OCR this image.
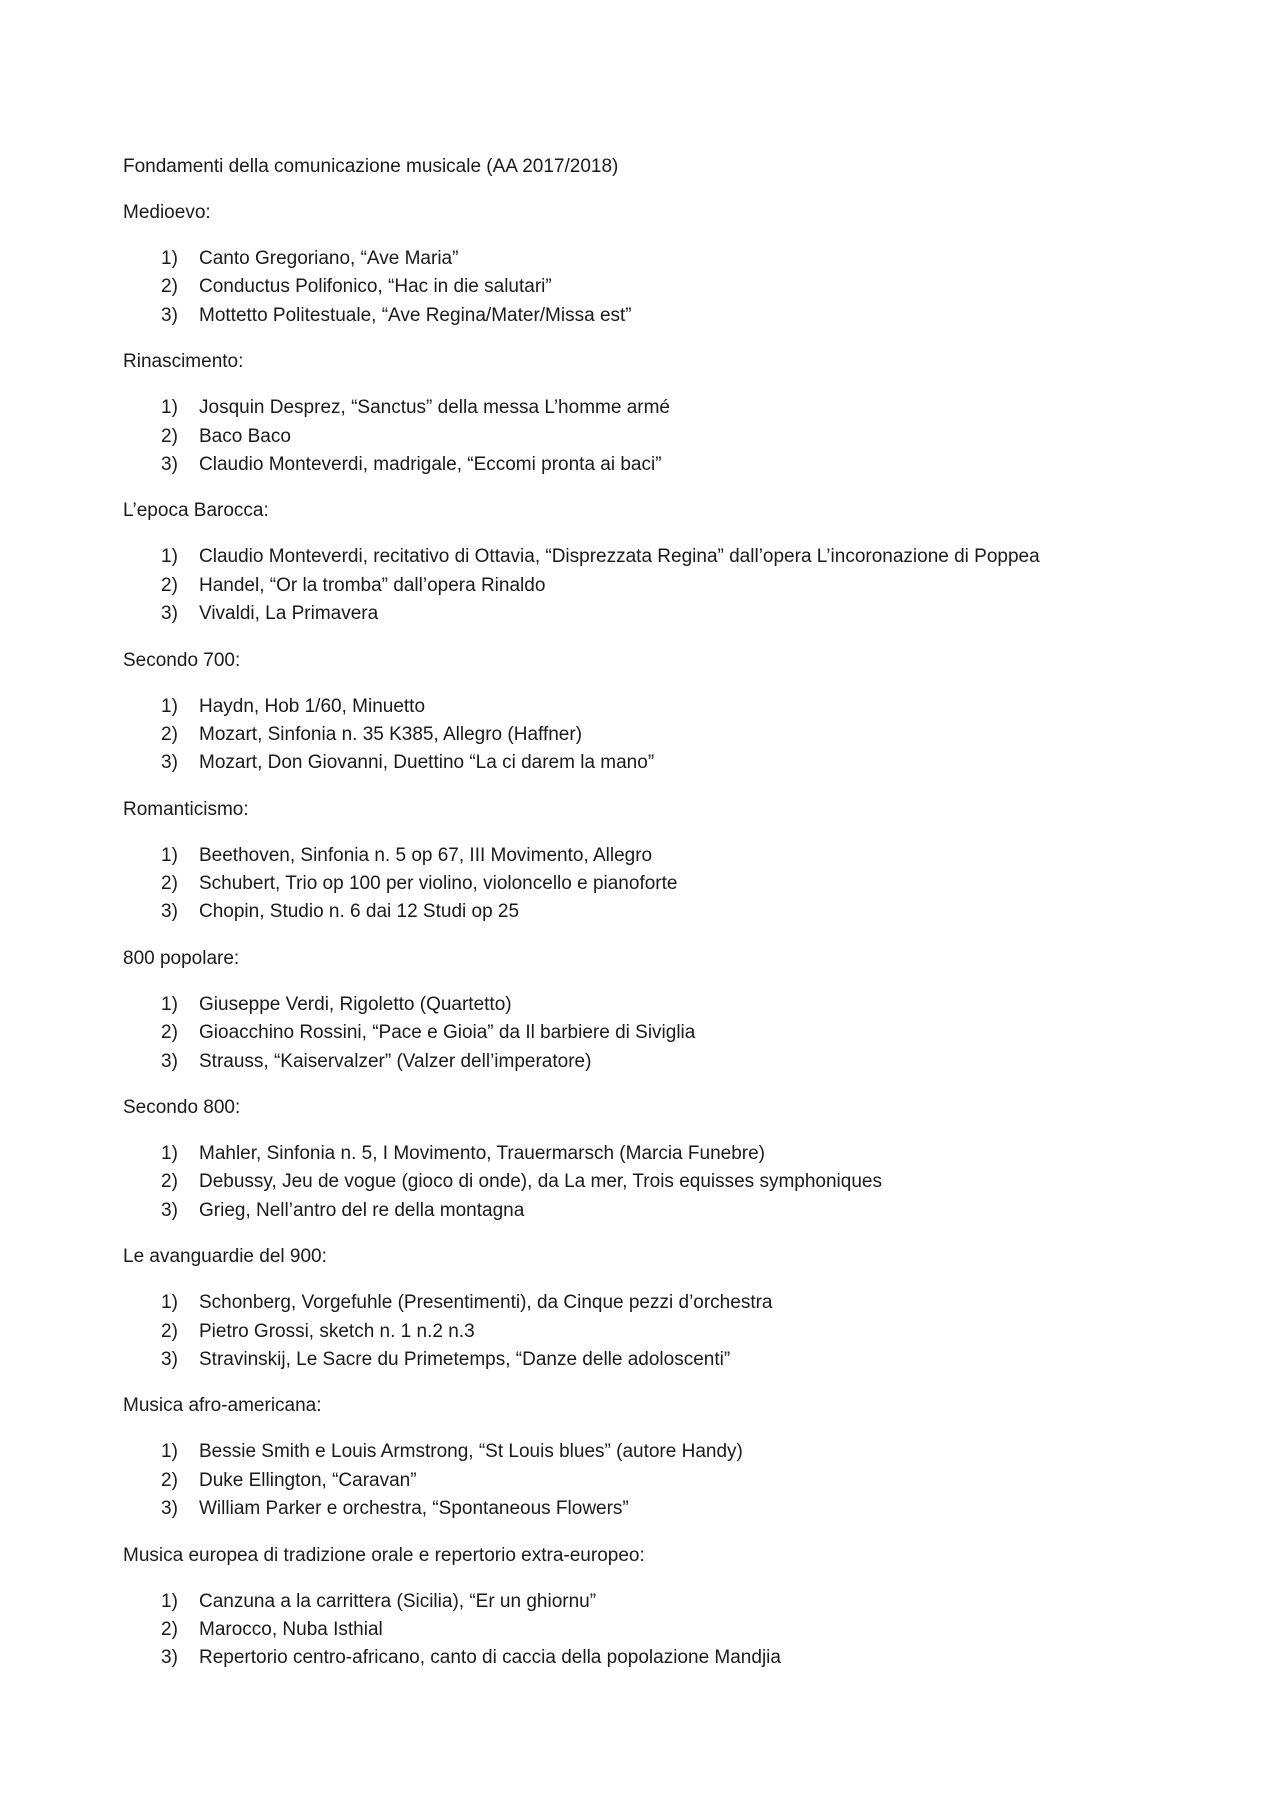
Fondamenti della comunicazione musicale (AA 2017/2018)
Medioevo:
1)	Canto Gregoriano, “Ave Maria”
2)	Conductus Polifonico, “Hac in die salutari”
3)	Mottetto Politestuale, “Ave Regina/Mater/Missa est”
Rinascimento:
1)	Josquin Desprez, “Sanctus” della messa L’homme armé
2)	Baco Baco
3)	Claudio Monteverdi, madrigale, “Eccomi pronta ai baci”
L’epoca Barocca:
1)	Claudio Monteverdi, recitativo di Ottavia, “Disprezzata Regina” dall’opera L’incoronazione di Poppea
2)	Handel, “Or la tromba” dall’opera Rinaldo
3)	Vivaldi, La Primavera
Secondo 700:
1)	Haydn, Hob 1/60, Minuetto
2)	Mozart, Sinfonia n. 35 K385, Allegro (Haffner)
3)	Mozart, Don Giovanni, Duettino “La ci darem la mano”
Romanticismo:
1)	Beethoven, Sinfonia n. 5 op 67, III Movimento, Allegro
2)	Schubert, Trio op 100 per violino, violoncello e pianoforte
3)	Chopin, Studio n. 6 dai 12 Studi op 25
800 popolare:
1)	Giuseppe Verdi, Rigoletto (Quartetto)
2)	Gioacchino Rossini, “Pace e Gioia” da Il barbiere di Siviglia
3)	Strauss, “Kaiservalzer” (Valzer dell’imperatore)
Secondo 800:
1)	Mahler, Sinfonia n. 5, I Movimento, Trauermarsch (Marcia Funebre)
2)	Debussy, Jeu de vogue (gioco di onde), da La mer, Trois equisses symphoniques
3)	Grieg, Nell’antro del re della montagna
Le avanguardie del 900:
1)	Schonberg, Vorgefuhle (Presentimenti), da Cinque pezzi d’orchestra
2)	Pietro Grossi, sketch n. 1 n.2 n.3
3)	Stravinskij, Le Sacre du Primetemps, “Danze delle adoloscenti”
Musica afro-americana:
1)	Bessie Smith e Louis Armstrong, “St Louis blues” (autore Handy)
2)	Duke Ellington, “Caravan”
3)	William Parker e orchestra, “Spontaneous Flowers”
Musica europea di tradizione orale e repertorio extra-europeo:
1)	Canzuna a la carrittera (Sicilia), “Er un ghiornu”
2)	Marocco, Nuba Isthial
3)	Repertorio centro-africano, canto di caccia della popolazione Mandjia
